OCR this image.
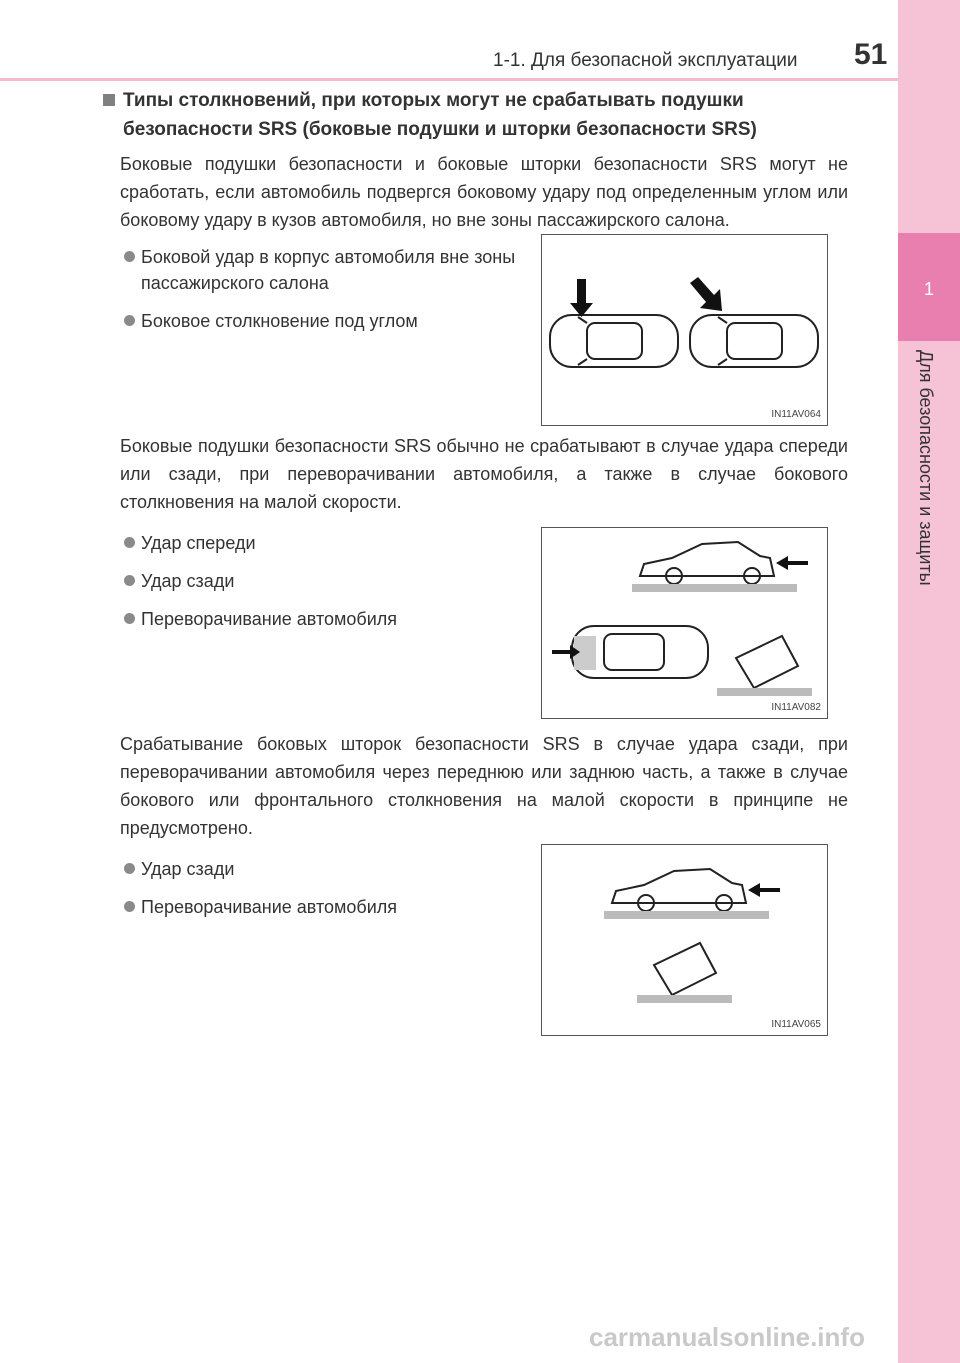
1-1. Для безопасной эксплуатации 51
1
Для безопасности и защиты
Типы столкновений, при которых могут не срабатывать подушки безопасности SRS (боковые подушки и шторки безопасности SRS)

Боковые подушки безопасности и боковые шторки безопасности SRS могут не сработать, если автомобиль подвергся боковому удару под определенным углом или боковому удару в кузов автомобиля, но вне зоны пассажирского салона.

Боковой удар в корпус автомобиля вне зоны пассажирского салона
Боковое столкновение под углом

Боковые подушки безопасности SRS обычно не срабатывают в случае удара спереди или сзади, при переворачивании автомобиля, а также в случае бокового столкновения на малой скорости.

Удар спереди
Удар сзади
Переворачивание автомобиля

Срабатывание боковых шторок безопасности SRS в случае удара сзади, при переворачивании автомобиля через переднюю или заднюю часть, а также в случае бокового или фронтального столкновения на малой скорости в принципе не предусмотрено.

Удар сзади
Переворачивание автомобиля
IN11AV064
IN11AV082
IN11AV065
carmanualsonline.info
